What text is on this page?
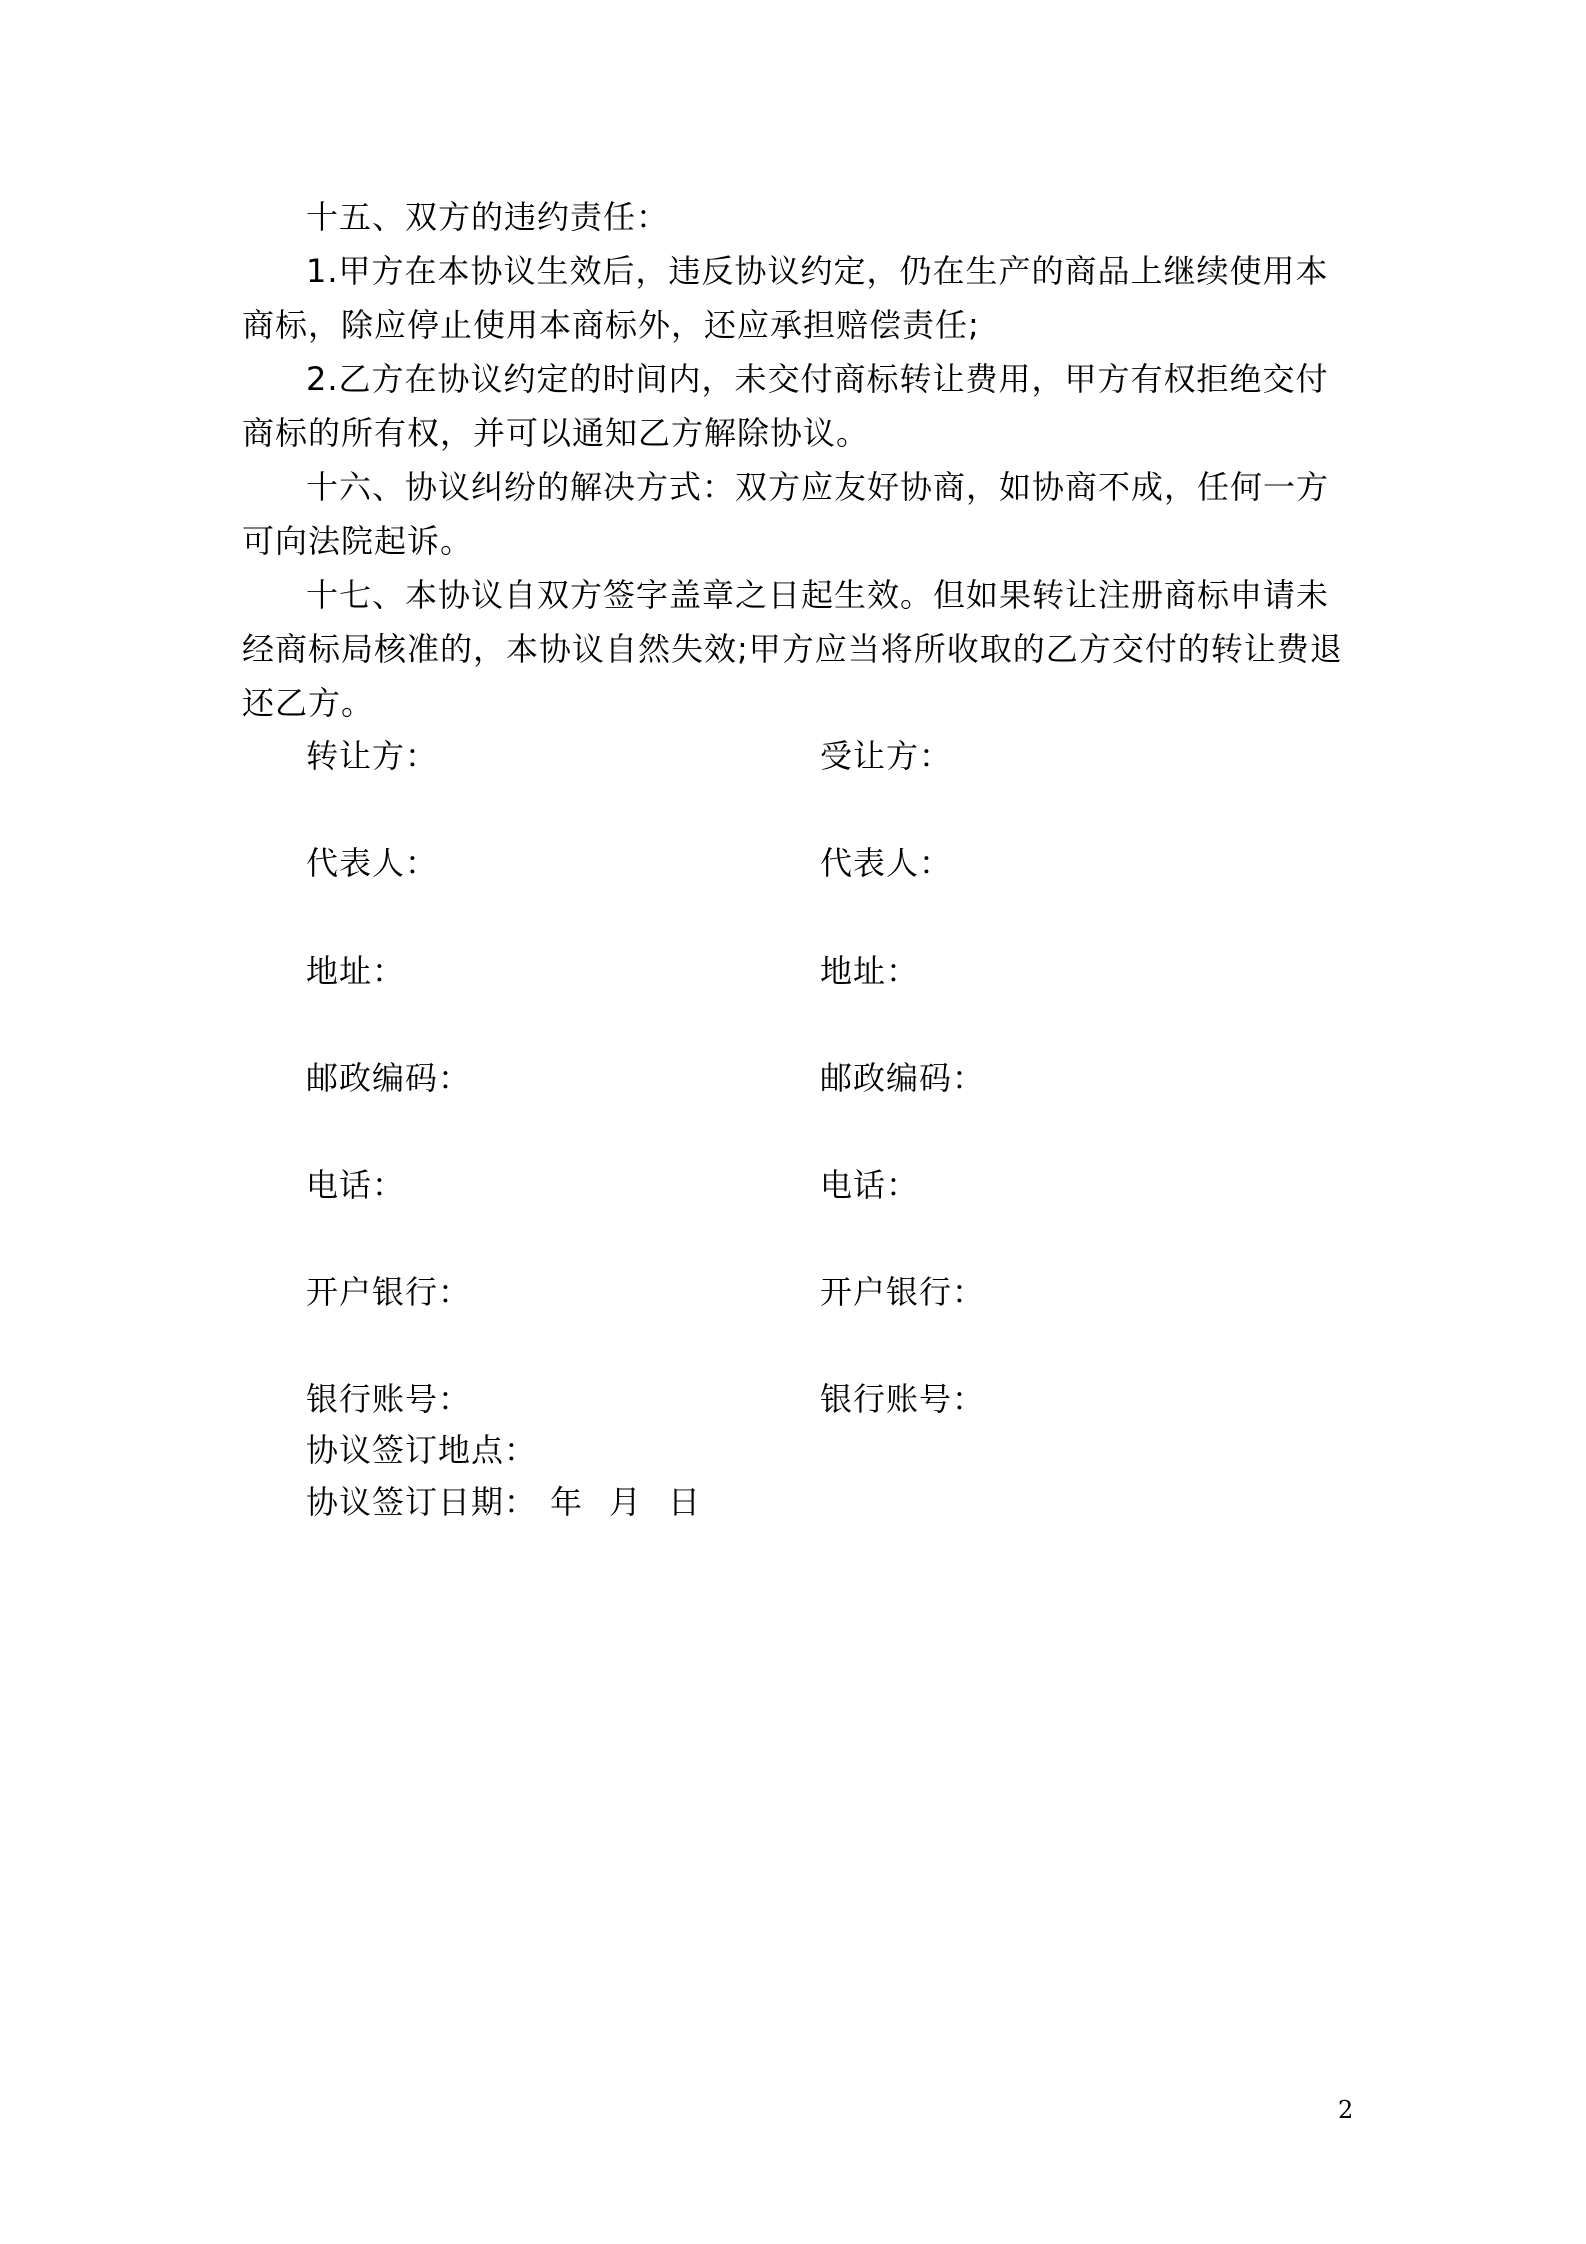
十五、双方的违约责任：

1.甲方在本协议生效后，违反协议约定，仍在生产的商品上继续使用本商标，除应停止使用本商标外，还应承担赔偿责任;

2.乙方在协议约定的时间内，未交付商标转让费用，甲方有权拒绝交付商标的所有权，并可以通知乙方解除协议。

十六、协议纠纷的解决方式：双方应友好协商，如协商不成，任何一方可向法院起诉。

十七、本协议自双方签字盖章之日起生效。但如果转让注册商标申请未经商标局核准的，本协议自然失效;甲方应当将所收取的乙方交付的转让费退还乙方。

转让方：
代表人：
地址：
邮政编码：
电话：
开户银行：
银行账号：
受让方：
代表人：
地址：
邮政编码：
电话：
开户银行：
银行账号：
协议签订地点：
协议签订日期： 年 月 日
2
